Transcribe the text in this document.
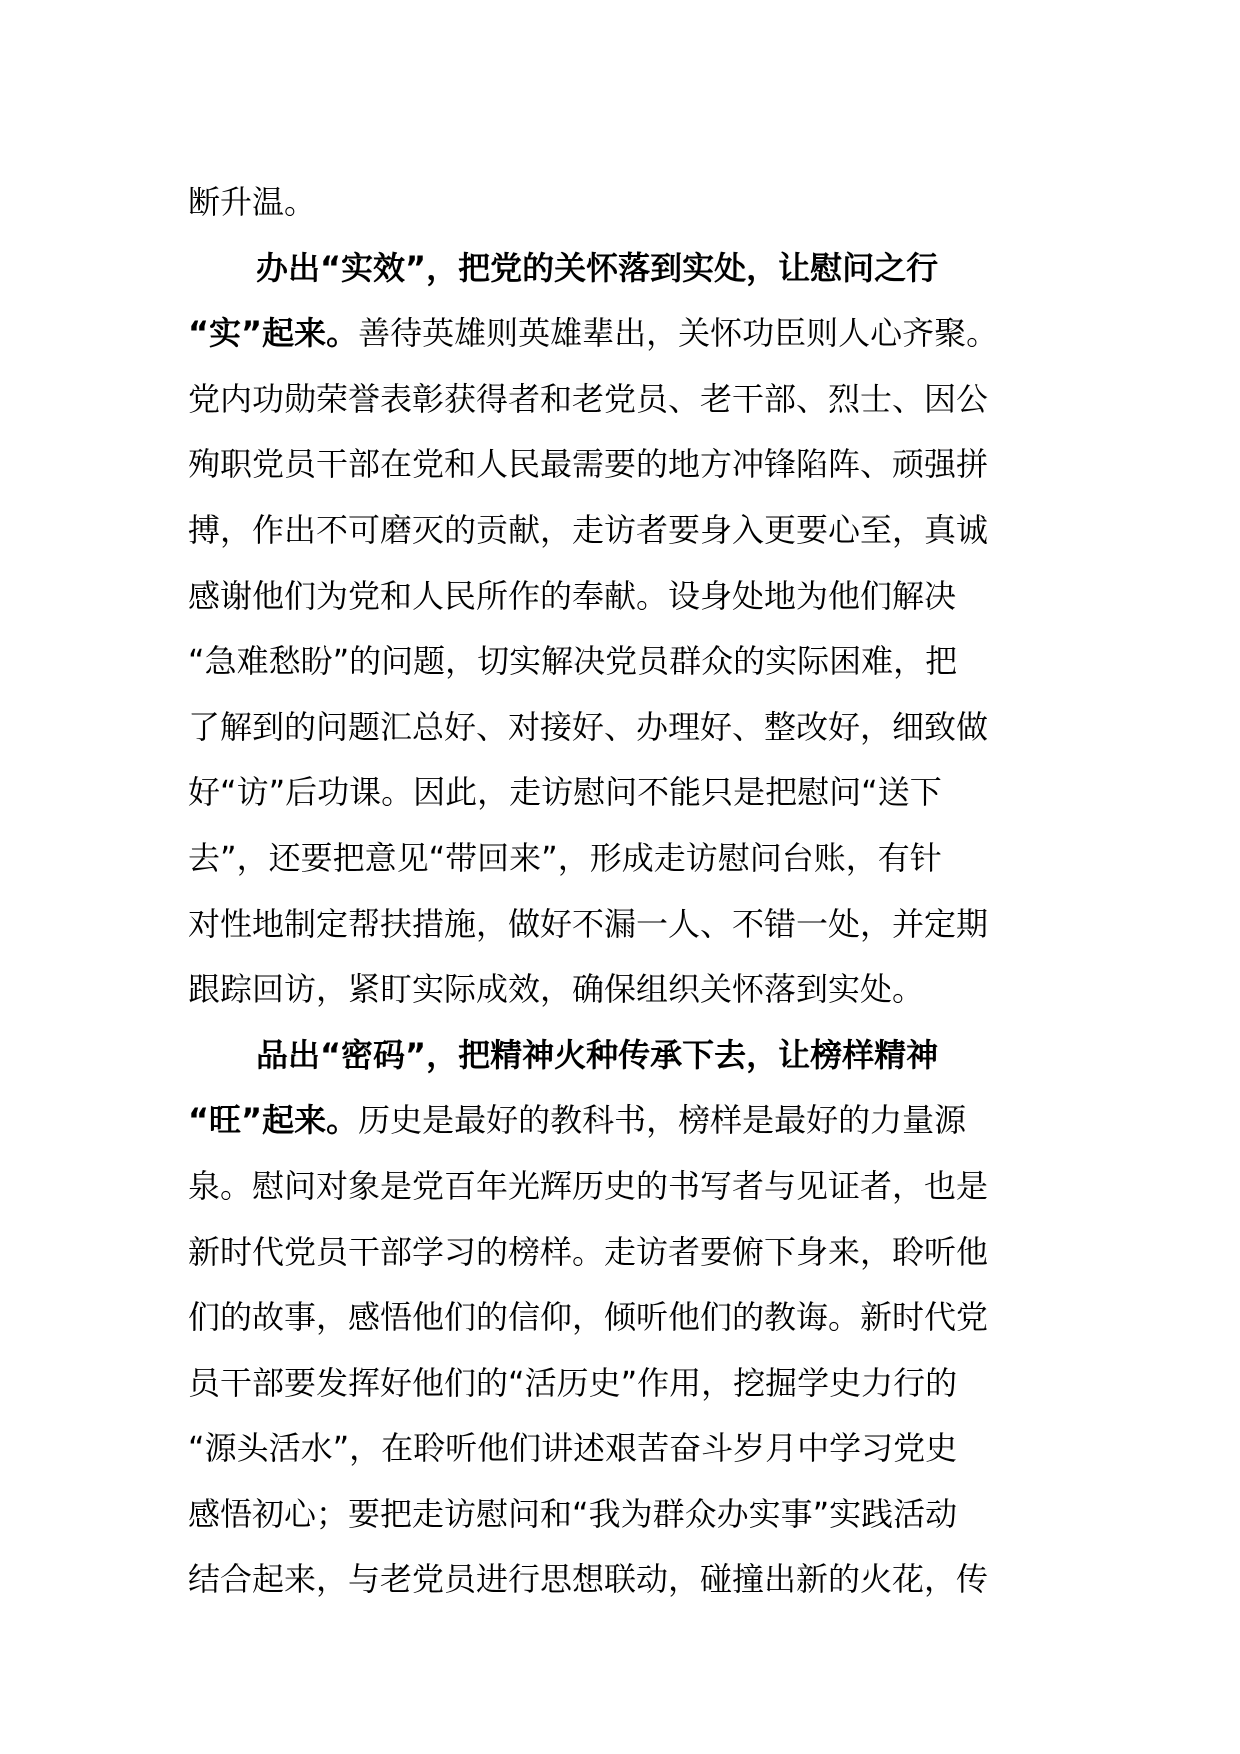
断升温。
办出“实效”，把党的关怀落到实处，让慰问之行
“实”起来。善待英雄则英雄辈出，关怀功臣则人心齐聚。
党内功勋荣誉表彰获得者和老党员、老干部、烈士、因公
殉职党员干部在党和人民最需要的地方冲锋陷阵、顽强拼
搏，作出不可磨灭的贡献，走访者要身入更要心至，真诚
感谢他们为党和人民所作的奉献。设身处地为他们解决
“急难愁盼”的问题，切实解决党员群众的实际困难，把
了解到的问题汇总好、对接好、办理好、整改好，细致做
好“访”后功课。因此，走访慰问不能只是把慰问“送下
去”，还要把意见“带回来”，形成走访慰问台账，有针
对性地制定帮扶措施，做好不漏一人、不错一处，并定期
跟踪回访，紧盯实际成效，确保组织关怀落到实处。
品出“密码”，把精神火种传承下去，让榜样精神
“旺”起来。历史是最好的教科书，榜样是最好的力量源
泉。慰问对象是党百年光辉历史的书写者与见证者，也是
新时代党员干部学习的榜样。走访者要俯下身来，聆听他
们的故事，感悟他们的信仰，倾听他们的教诲。新时代党
员干部要发挥好他们的“活历史”作用，挖掘学史力行的
“源头活水”，在聆听他们讲述艰苦奋斗岁月中学习党史
感悟初心；要把走访慰问和“我为群众办实事”实践活动
结合起来，与老党员进行思想联动，碰撞出新的火花，传
